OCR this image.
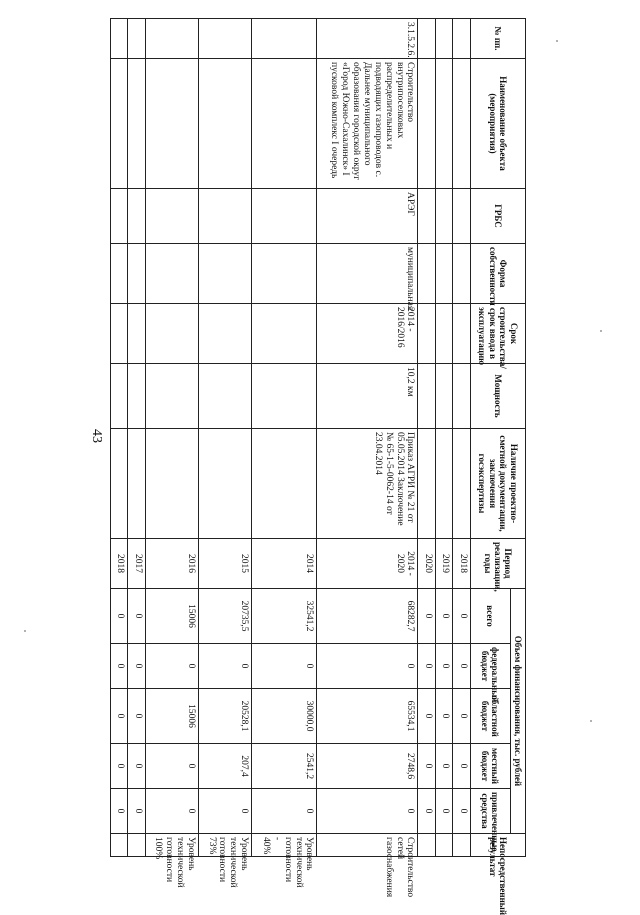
43
№ пп.	Наименование объекта (мероприятия)	ГРБС	Форма собственности	Срок строительства/срок ввода в эксплуатацию	Мощность	Наличие проектно-сметной документации, заключения госэкспертизы	Период реализации, годы	Объем финансирования, тыс. рублей					Непосредственный результат
								всего	федеральный бюджет	областной бюджет	местный бюджет	привлеченные средства	
							2018	0	0	0	0	0	
							2019	0	0	0	0	0	
							2020	0	0	0	0	0	
3.1.5.2.6.	Строительство внутрипоселковых распределительных и подводящих газопроводов с. Дальнее муниципального образования городской округ «Город Южно-Сахалинск» I пусковой комплекс I очередь	АРЭГ	муниципальная	2014 - 2016/2016	10,2 км	Приказ АГРИ № 21 от 05.05.2014 Заключение № 65-1-5-0062-14 от 23.04.2014	2014 - 2020	68282,7	0	65534,1	2748,6	0	Строительство сетей газоснабжения
							2014	32541,2	0	30000,0	2541,2	0	Уровень технической готовности - 40%
							2015	20735,5	0	20528,1	207,4	0	Уровень технической готовности 73%
							2016	15006	0	15006	0	0	Уровень технической готовности 100%
							2017	0	0	0	0	0	
							2018	0	0	0	0	0	
